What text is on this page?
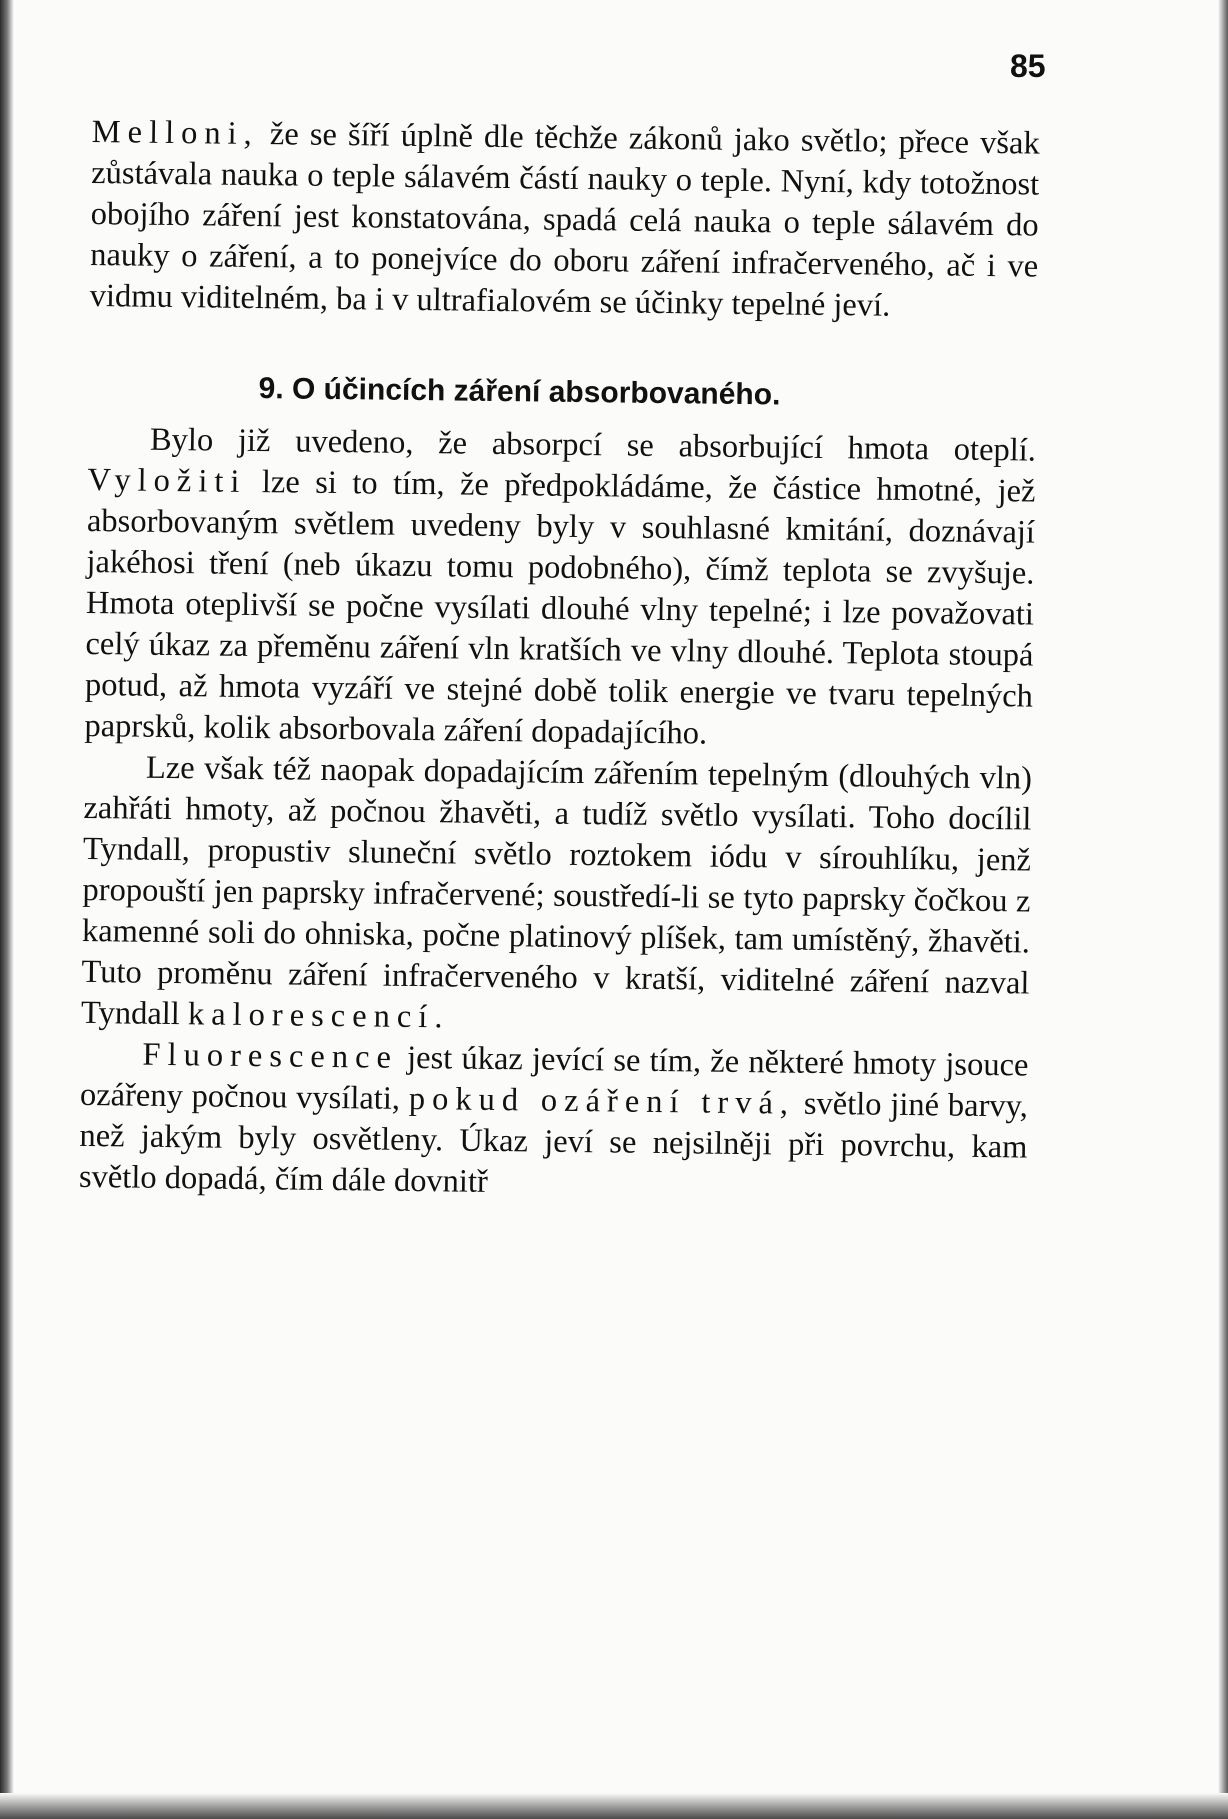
85

Melloni, že se šíří úplně dle těchže zákonů jako světlo; přece však zůstávala nauka o teple sálavém částí nauky o teple. Nyní, kdy totožnost obojího záření jest konstatována, spadá celá nauka o teple sálavém do nauky o záření, a to ponejvíce do oboru záření infračerveného, ač i ve vidmu viditelném, ba i v ultrafialovém se účinky tepelné jeví.

9. O účincích záření absorbovaného.

Bylo již uvedeno, že absorpcí se absorbující hmota oteplí. Vyložiti lze si to tím, že předpokládáme, že částice hmotné, jež absorbovaným světlem uvedeny byly v souhlasné kmitání, doznávají jakéhosi tření (neb úkazu tomu podobného), čímž teplota se zvyšuje. Hmota oteplivší se počne vysílati dlouhé vlny tepelné; i lze považovati celý úkaz za přeměnu záření vln kratších ve vlny dlouhé. Teplota stoupá potud, až hmota vyzáří ve stejné době tolik energie ve tvaru tepelných paprsků, kolik absorbovala záření dopadajícího.

Lze však též naopak dopadajícím zářením tepelným (dlouhých vln) zahřáti hmoty, až počnou žhavěti, a tudíž světlo vysílati. Toho docílil Tyndall, propustiv sluneční světlo roztokem iódu v sírouhlíku, jenž propouští jen paprsky infračervené; soustředí-li se tyto paprsky čočkou z kamenné soli do ohniska, počne platinový plíšek, tam umístěný, žhavěti. Tuto proměnu záření infračerveného v kratší, viditelné záření nazval Tyndall kalorescencí.

Fluorescence jest úkaz jevící se tím, že některé hmoty jsouce ozářeny počnou vysílati, pokud ozáření trvá, světlo jiné barvy, než jakým byly osvětleny. Úkaz jeví se nejsilněji při povrchu, kam světlo dopadá, čím dále dovnitř
